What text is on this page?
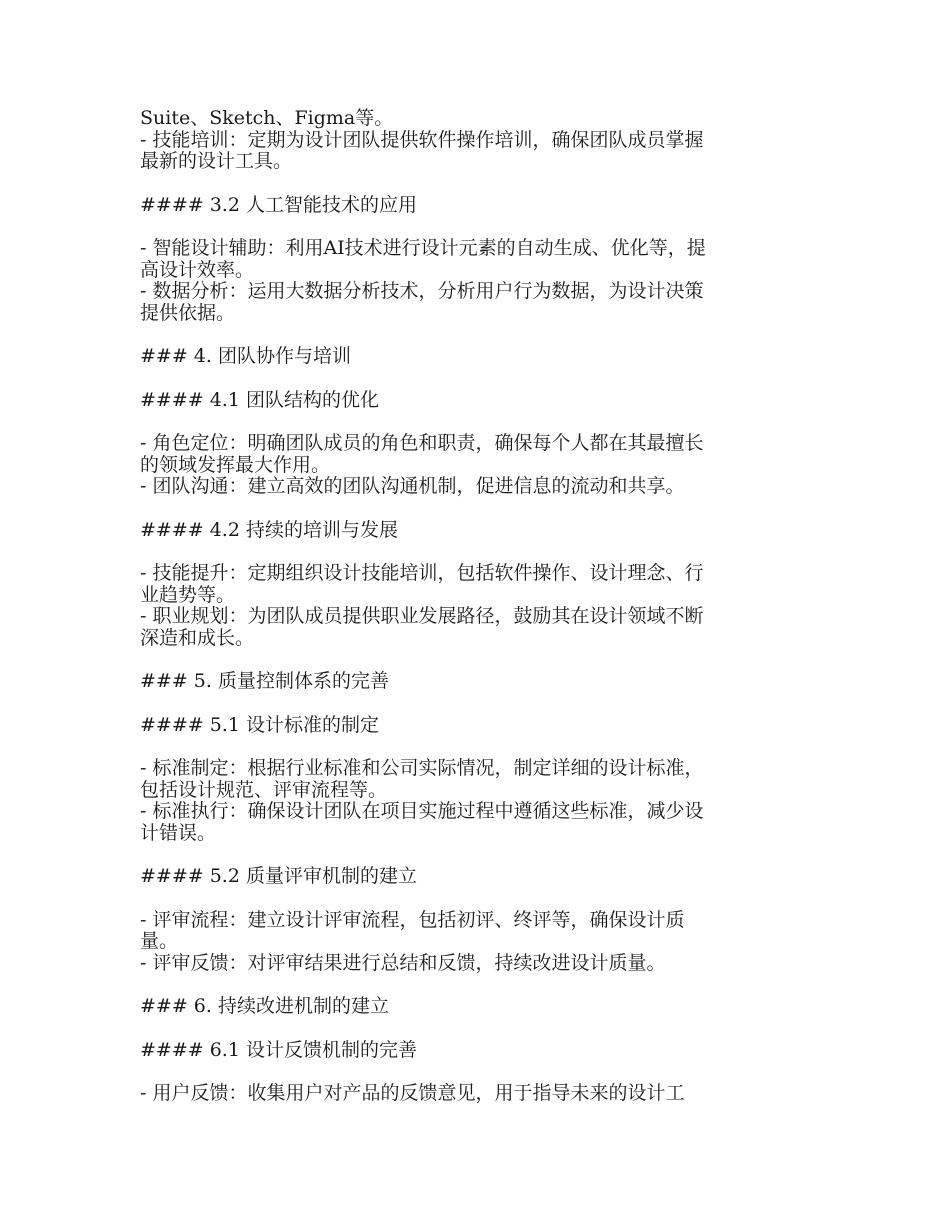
Suite、Sketch、Figma等。
- 技能培训：定期为设计团队提供软件操作培训，确保团队成员掌握
最新的设计工具。
#### 3.2 人工智能技术的应用
- 智能设计辅助：利用AI技术进行设计元素的自动生成、优化等，提
高设计效率。
- 数据分析：运用大数据分析技术，分析用户行为数据，为设计决策
提供依据。
### 4. 团队协作与培训
#### 4.1 团队结构的优化
- 角色定位：明确团队成员的角色和职责，确保每个人都在其最擅长
的领域发挥最大作用。
- 团队沟通：建立高效的团队沟通机制，促进信息的流动和共享。
#### 4.2 持续的培训与发展
- 技能提升：定期组织设计技能培训，包括软件操作、设计理念、行
业趋势等。
- 职业规划：为团队成员提供职业发展路径，鼓励其在设计领域不断
深造和成长。
### 5. 质量控制体系的完善
#### 5.1 设计标准的制定
- 标准制定：根据行业标准和公司实际情况，制定详细的设计标准，
包括设计规范、评审流程等。
- 标准执行：确保设计团队在项目实施过程中遵循这些标准，减少设
计错误。
#### 5.2 质量评审机制的建立
- 评审流程：建立设计评审流程，包括初评、终评等，确保设计质
量。
- 评审反馈：对评审结果进行总结和反馈，持续改进设计质量。
### 6. 持续改进机制的建立
#### 6.1 设计反馈机制的完善
- 用户反馈：收集用户对产品的反馈意见，用于指导未来的设计工
